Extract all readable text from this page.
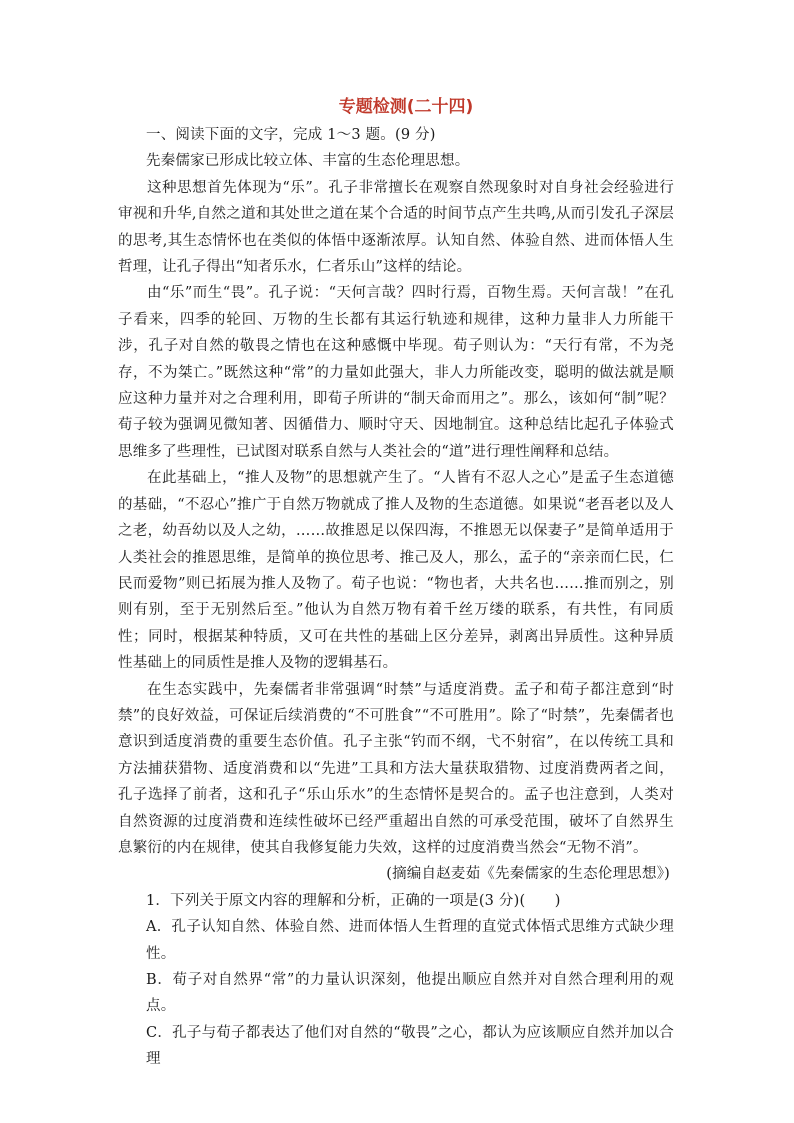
专题检测(二十四)

一、阅读下面的文字，完成 1～3 题。(9 分)

先秦儒家已形成比较立体、丰富的生态伦理思想。

这种思想首先体现为“乐”。孔子非常擅长在观察自然现象时对自身社会经验进行审视和升华,自然之道和其处世之道在某个合适的时间节点产生共鸣,从而引发孔子深层的思考,其生态情怀也在类似的体悟中逐渐浓厚。认知自然、体验自然、进而体悟人生哲理，让孔子得出“知者乐水，仁者乐山”这样的结论。

由“乐”而生“畏”。孔子说：“天何言哉？四时行焉，百物生焉。天何言哉！”在孔子看来，四季的轮回、万物的生长都有其运行轨迹和规律，这种力量非人力所能干涉，孔子对自然的敬畏之情也在这种感慨中毕现。荀子则认为：“天行有常，不为尧存，不为桀亡。”既然这种“常”的力量如此强大，非人力所能改变，聪明的做法就是顺应这种力量并对之合理利用，即荀子所讲的“制天命而用之”。那么，该如何“制”呢？荀子较为强调见微知著、因循借力、顺时守天、因地制宜。这种总结比起孔子体验式思维多了些理性，已试图对联系自然与人类社会的“道”进行理性阐释和总结。

在此基础上，“推人及物”的思想就产生了。“人皆有不忍人之心”是孟子生态道德的基础，“不忍心”推广于自然万物就成了推人及物的生态道德。如果说“老吾老以及人之老，幼吾幼以及人之幼，……故推恩足以保四海，不推恩无以保妻子”是简单适用于人类社会的推恩思维，是简单的换位思考、推己及人，那么，孟子的“亲亲而仁民，仁民而爱物”则已拓展为推人及物了。荀子也说：“物也者，大共名也……推而别之，别则有别，至于无别然后至。”他认为自然万物有着千丝万缕的联系，有共性，有同质性；同时，根据某种特质，又可在共性的基础上区分差异，剥离出异质性。这种异质性基础上的同质性是推人及物的逻辑基石。

在生态实践中，先秦儒者非常强调“时禁”与适度消费。孟子和荀子都注意到“时禁”的良好效益，可保证后续消费的“不可胜食”“不可胜用”。除了“时禁”，先秦儒者也意识到适度消费的重要生态价值。孔子主张“钓而不纲，弋不射宿”，在以传统工具和方法捕获猎物、适度消费和以“先进”工具和方法大量获取猎物、过度消费两者之间，孔子选择了前者，这和孔子“乐山乐水”的生态情怀是契合的。孟子也注意到，人类对自然资源的过度消费和连续性破坏已经严重超出自然的可承受范围，破坏了自然界生息繁衍的内在规律，使其自我修复能力失效，这样的过度消费当然会“无物不消”。

(摘编自赵麦茹《先秦儒家的生态伦理思想》)

1．下列关于原文内容的理解和分析，正确的一项是(3 分)(　　)

A．孔子认知自然、体验自然、进而体悟人生哲理的直觉式体悟式思维方式缺少理性。

B．荀子对自然界“常”的力量认识深刻，他提出顺应自然并对自然合理利用的观点。

C．孔子与荀子都表达了他们对自然的“敬畏”之心，都认为应该顺应自然并加以合理
